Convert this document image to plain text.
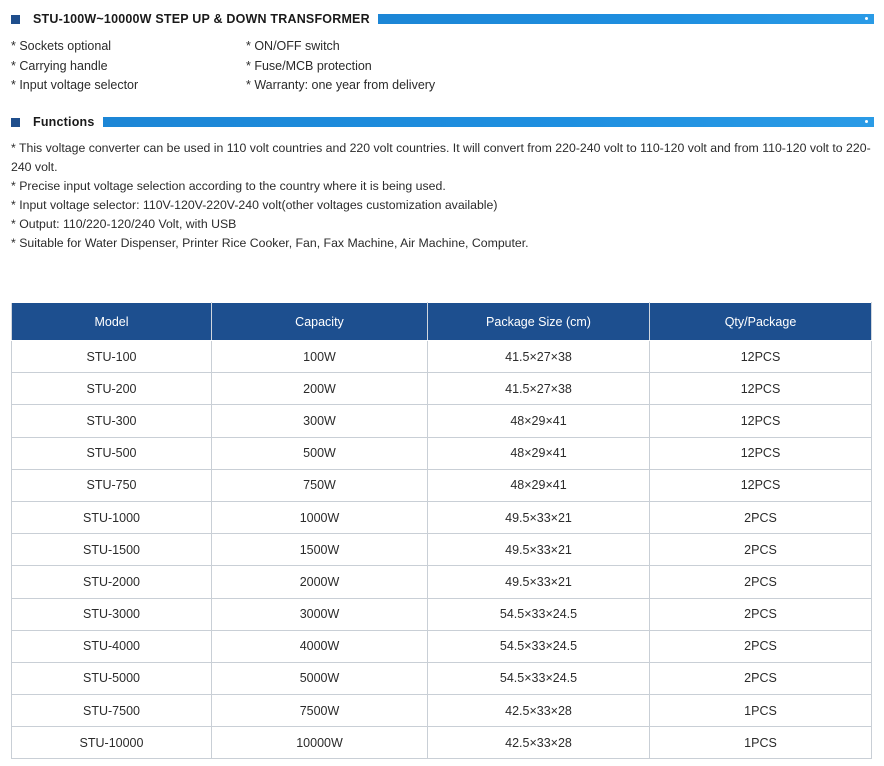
STU-100W~10000W STEP UP & DOWN TRANSFORMER
* Sockets optional	* ON/OFF switch
* Carrying handle	* Fuse/MCB protection
* Input voltage selector	* Warranty: one year from delivery
Functions

* This voltage converter can be used in 110 volt countries and 220 volt countries. It will convert from 220-240 volt to 110-120 volt and from 110-120 volt to 220-240 volt.

* Precise input voltage selection according to the country where it is being used.

* Input voltage selector: 110V-120V-220V-240 volt(other voltages customization available)

* Output: 110/220-120/240 Volt, with USB

* Suitable for Water Dispenser, Printer Rice Cooker, Fan, Fax Machine, Air Machine, Computer.

Model	Capacity	Package Size (cm)	Qty/Package
STU-100	100W	41.5×27×38	12PCS
STU-200	200W	41.5×27×38	12PCS
STU-300	300W	48×29×41	12PCS
STU-500	500W	48×29×41	12PCS
STU-750	750W	48×29×41	12PCS
STU-1000	1000W	49.5×33×21	2PCS
STU-1500	1500W	49.5×33×21	2PCS
STU-2000	2000W	49.5×33×21	2PCS
STU-3000	3000W	54.5×33×24.5	2PCS
STU-4000	4000W	54.5×33×24.5	2PCS
STU-5000	5000W	54.5×33×24.5	2PCS
STU-7500	7500W	42.5×33×28	1PCS
STU-10000	10000W	42.5×33×28	1PCS
